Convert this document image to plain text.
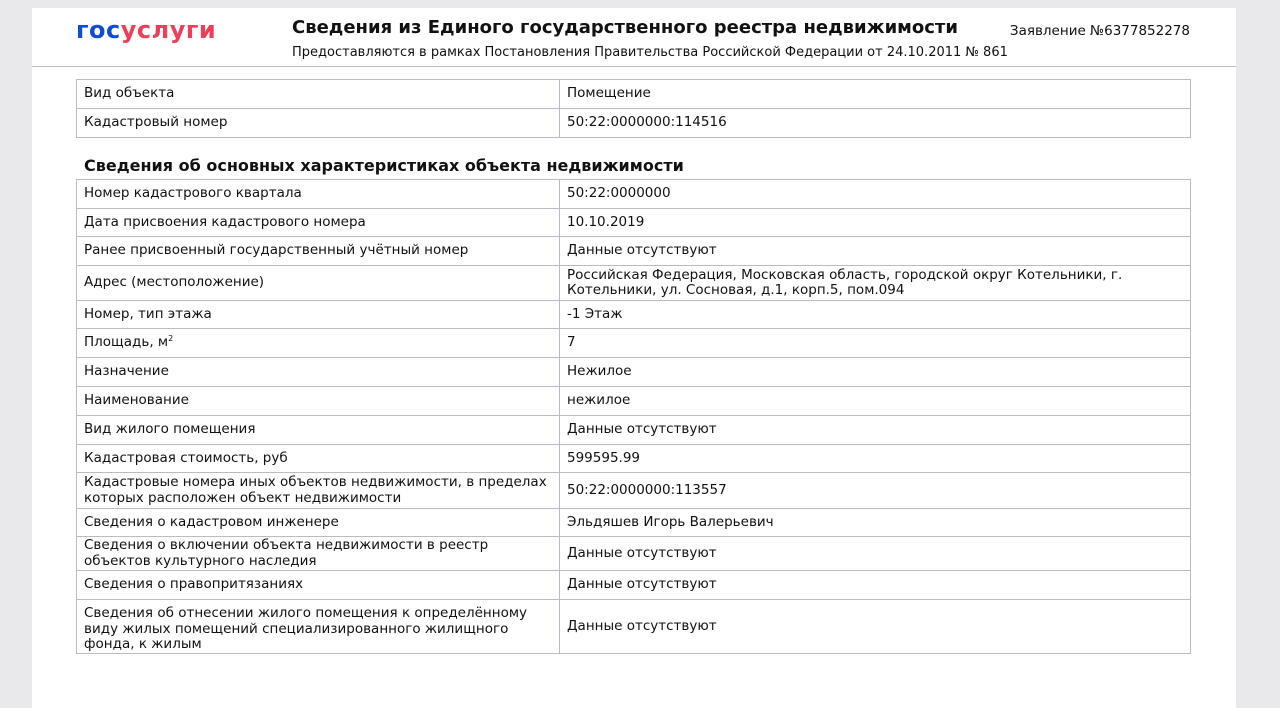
госуслуги	Сведения из Единого государственного реестра недвижимости
Предоставляются в рамках Постановления Правительства Российской Федерации от 24.10.2011 № 861
Заявление №6377852278
Вид объекта	Помещение
Кадастровый номер	50:22:0000000:114516
Сведения об основных характеристиках объекта недвижимости
Номер кадастрового квартала	50:22:0000000
Дата присвоения кадастрового номера	10.10.2019
Ранее присвоенный государственный учётный номер	Данные отсутствуют
Адрес (местоположение)	Российская Федерация, Московская область, городской округ Котельники, г. Котельники, ул. Сосновая, д.1, корп.5, пом.094
Номер, тип этажа	-1 Этаж
Площадь, $м^2$	7
Назначение	Нежилое
Наименование	нежилое
Вид жилого помещения	Данные отсутствуют
Кадастровая стоимость, руб	599595.99
Кадастровые номера иных объектов недвижимости, в пределах которых расположен объект недвижимости	50:22:0000000:113557
Сведения о кадастровом инженере	Эльдяшев Игорь Валерьевич
Сведения о включении объекта недвижимости в реестр объектов культурного наследия	Данные отсутствуют
Сведения о правопритязаниях	Данные отсутствуют
Сведения об отнесении жилого помещения к определённому виду жилых помещений специализированного жилищного фонда, к жилым	Данные отсутствуют
